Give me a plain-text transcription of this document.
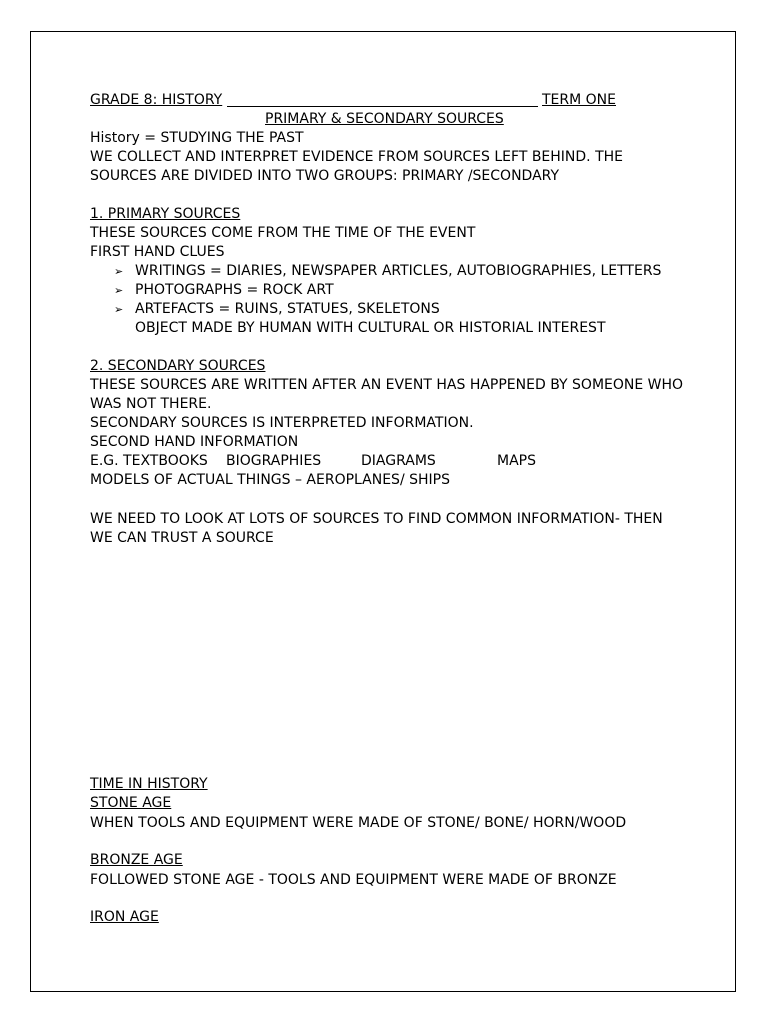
GRADE 8: HISTORY	TERM ONE
PRIMARY & SECONDARY SOURCES
History = STUDYING THE PAST
WE COLLECT AND INTERPRET EVIDENCE FROM SOURCES LEFT BEHIND. THE
SOURCES ARE DIVIDED INTO TWO GROUPS: PRIMARY /SECONDARY
1. PRIMARY SOURCES
THESE SOURCES COME FROM THE TIME OF THE EVENT
FIRST HAND CLUES
➢ WRITINGS = DIARIES, NEWSPAPER ARTICLES, AUTOBIOGRAPHIES, LETTERS
➢ PHOTOGRAPHS = ROCK ART
➢ ARTEFACTS = RUINS, STATUES, SKELETONS
OBJECT MADE BY HUMAN WITH CULTURAL OR HISTORIAL INTEREST
2. SECONDARY SOURCES
THESE SOURCES ARE WRITTEN AFTER AN EVENT HAS HAPPENED BY SOMEONE WHO
WAS NOT THERE.
SECONDARY SOURCES IS INTERPRETED INFORMATION.
SECOND HAND INFORMATION
E.G. TEXTBOOKS BIOGRAPHIES	DIAGRAMS	MAPS
MODELS OF ACTUAL THINGS – AEROPLANES/ SHIPS
WE NEED TO LOOK AT LOTS OF SOURCES TO FIND COMMON INFORMATION- THEN
WE CAN TRUST A SOURCE
TIME IN HISTORY
STONE AGE
WHEN TOOLS AND EQUIPMENT WERE MADE OF STONE/ BONE/ HORN/WOOD
BRONZE AGE
FOLLOWED STONE AGE - TOOLS AND EQUIPMENT WERE MADE OF BRONZE
IRON AGE
